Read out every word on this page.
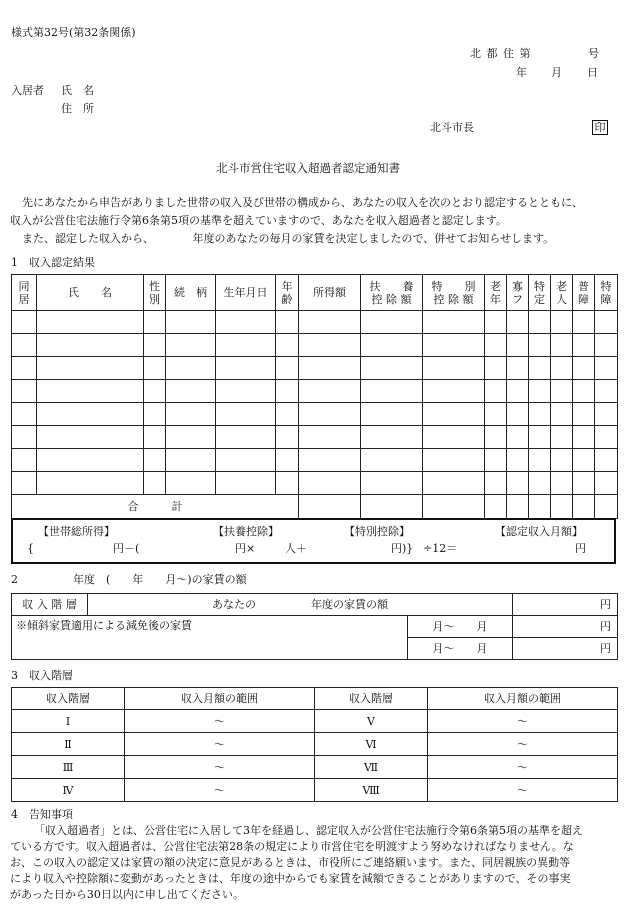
様式第32号(第32条関係)
北 都 住 第	号
年 月 日
入居者 氏　名
住　所
北斗市長	印
北斗市営住宅収入超過者認定通知書
先にあなたから申告がありました世帯の収入及び世帯の構成から、あなたの収入を次のとおり認定するとともに、
収入が公営住宅法施行令第6条第5項の基準を超えていますので、あなたを収入超過者と認定します。
また、認定した収入から、　　　　年度のあなたの毎月の家賃を決定しましたので、併せてお知らせします。
1　収入認定結果
同居	氏　　名	性別	続　柄	生年月日	年齢	所得額	扶　　養控 除 額	特　　別控 除 額	老年	寡フ	特定	老人	普障	特障

合　　　計														
【世帯総所得】	【扶養控除】	【特別控除】	【認定収入月額】
{	円－(	円×	人＋	円)} ÷12＝	円
2　　　　　年度　(　　年　　月～)の家賃の額
収 入 階 層	あなたの　　　　　年度の家賃の額		円
※傾斜家賃適用による減免後の家賃		月～　　月	円
		月～　　月	円
3　収入階層
収入階層	収入月額の範囲	収入階層	収入月額の範囲
Ⅰ	～	Ⅴ	～
Ⅱ	～	Ⅵ	～
Ⅲ	～	Ⅶ	～
Ⅳ	～	Ⅷ	～
4　告知事項
「収入超過者」とは、公営住宅に入居して3年を経過し、認定収入が公営住宅法施行令第6条第5項の基準を超え
ている方です。収入超過者は、公営住宅法第28条の規定により市営住宅を明渡すよう努めなければなりません。な
お、この収入の認定又は家賃の額の決定に意見があるときは、市役所にご連絡願います。また、同居親族の異動等
により収入や控除額に変動があったときは、年度の途中からでも家賃を減額できることがありますので、その事実
があった日から30日以内に申し出てください。
